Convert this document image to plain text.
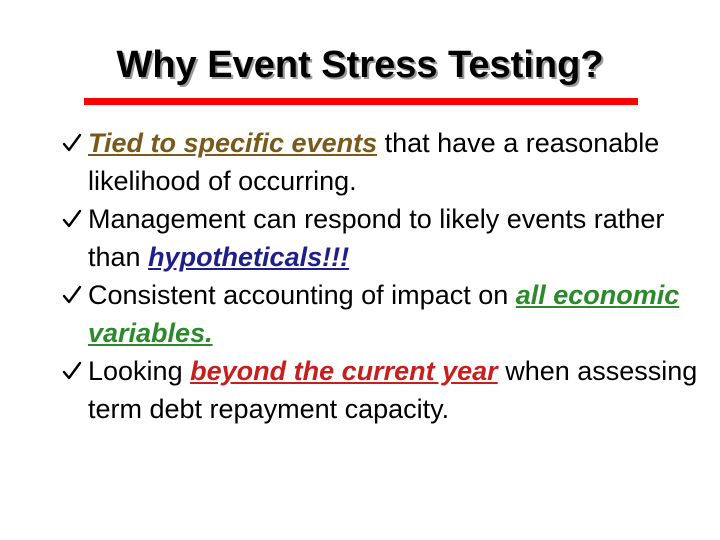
Why Event Stress Testing?
Tied to specific events that have a reasonable likelihood of occurring.
Management can respond to likely events rather than hypotheticals!!!
Consistent accounting of impact on all economic variables.
Looking beyond the current year when assessing term debt repayment capacity.
